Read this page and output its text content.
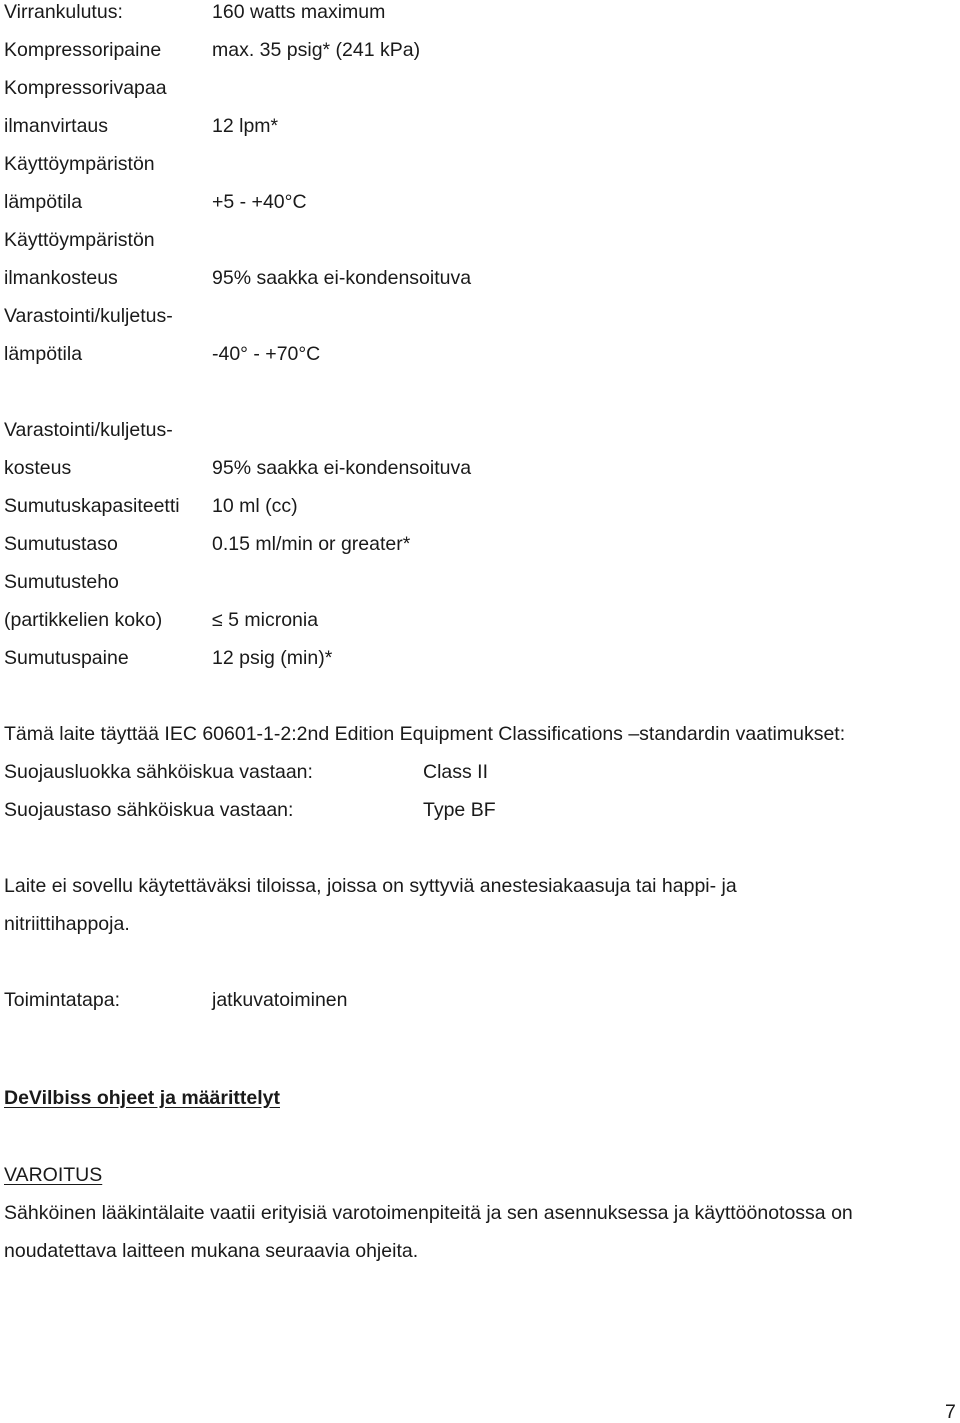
Virrankulutus:	160 watts maximum
Kompressoripaine	max. 35 psig* (241 kPa)
Kompressorivapaa
ilmanvirtaus	12 lpm*
Käyttöympäristön
lämpötila	+5 - +40°C
Käyttöympäristön
ilmankosteus	95% saakka ei-kondensoituva
Varastointi/kuljetus-
lämpötila	-40° - +70°C
Varastointi/kuljetus-
kosteus	95% saakka ei-kondensoituva
Sumutuskapasiteetti 10 ml (cc)
Sumutustaso	0.15 ml/min or greater*
Sumutusteho
(partikkelien koko)	≤ 5 micronia
Sumutuspaine	12 psig (min)*
Tämä laite täyttää IEC 60601-1-2:2nd Edition Equipment Classifications –standardin vaatimukset:
Suojausluokka sähköiskua vastaan:	Class II
Suojaustaso sähköiskua vastaan:	Type BF
Laite ei sovellu käytettäväksi tiloissa, joissa on syttyviä anestesiakaasuja tai happi- ja
nitriittihappoja.
Toimintatapa:	jatkuvatoiminen
DeVilbiss ohjeet ja määrittelyt
VAROITUS
Sähköinen lääkintälaite vaatii erityisiä varotoimenpiteitä ja sen asennuksessa ja käyttöönotossa on
noudatettava laitteen mukana seuraavia ohjeita.
7
